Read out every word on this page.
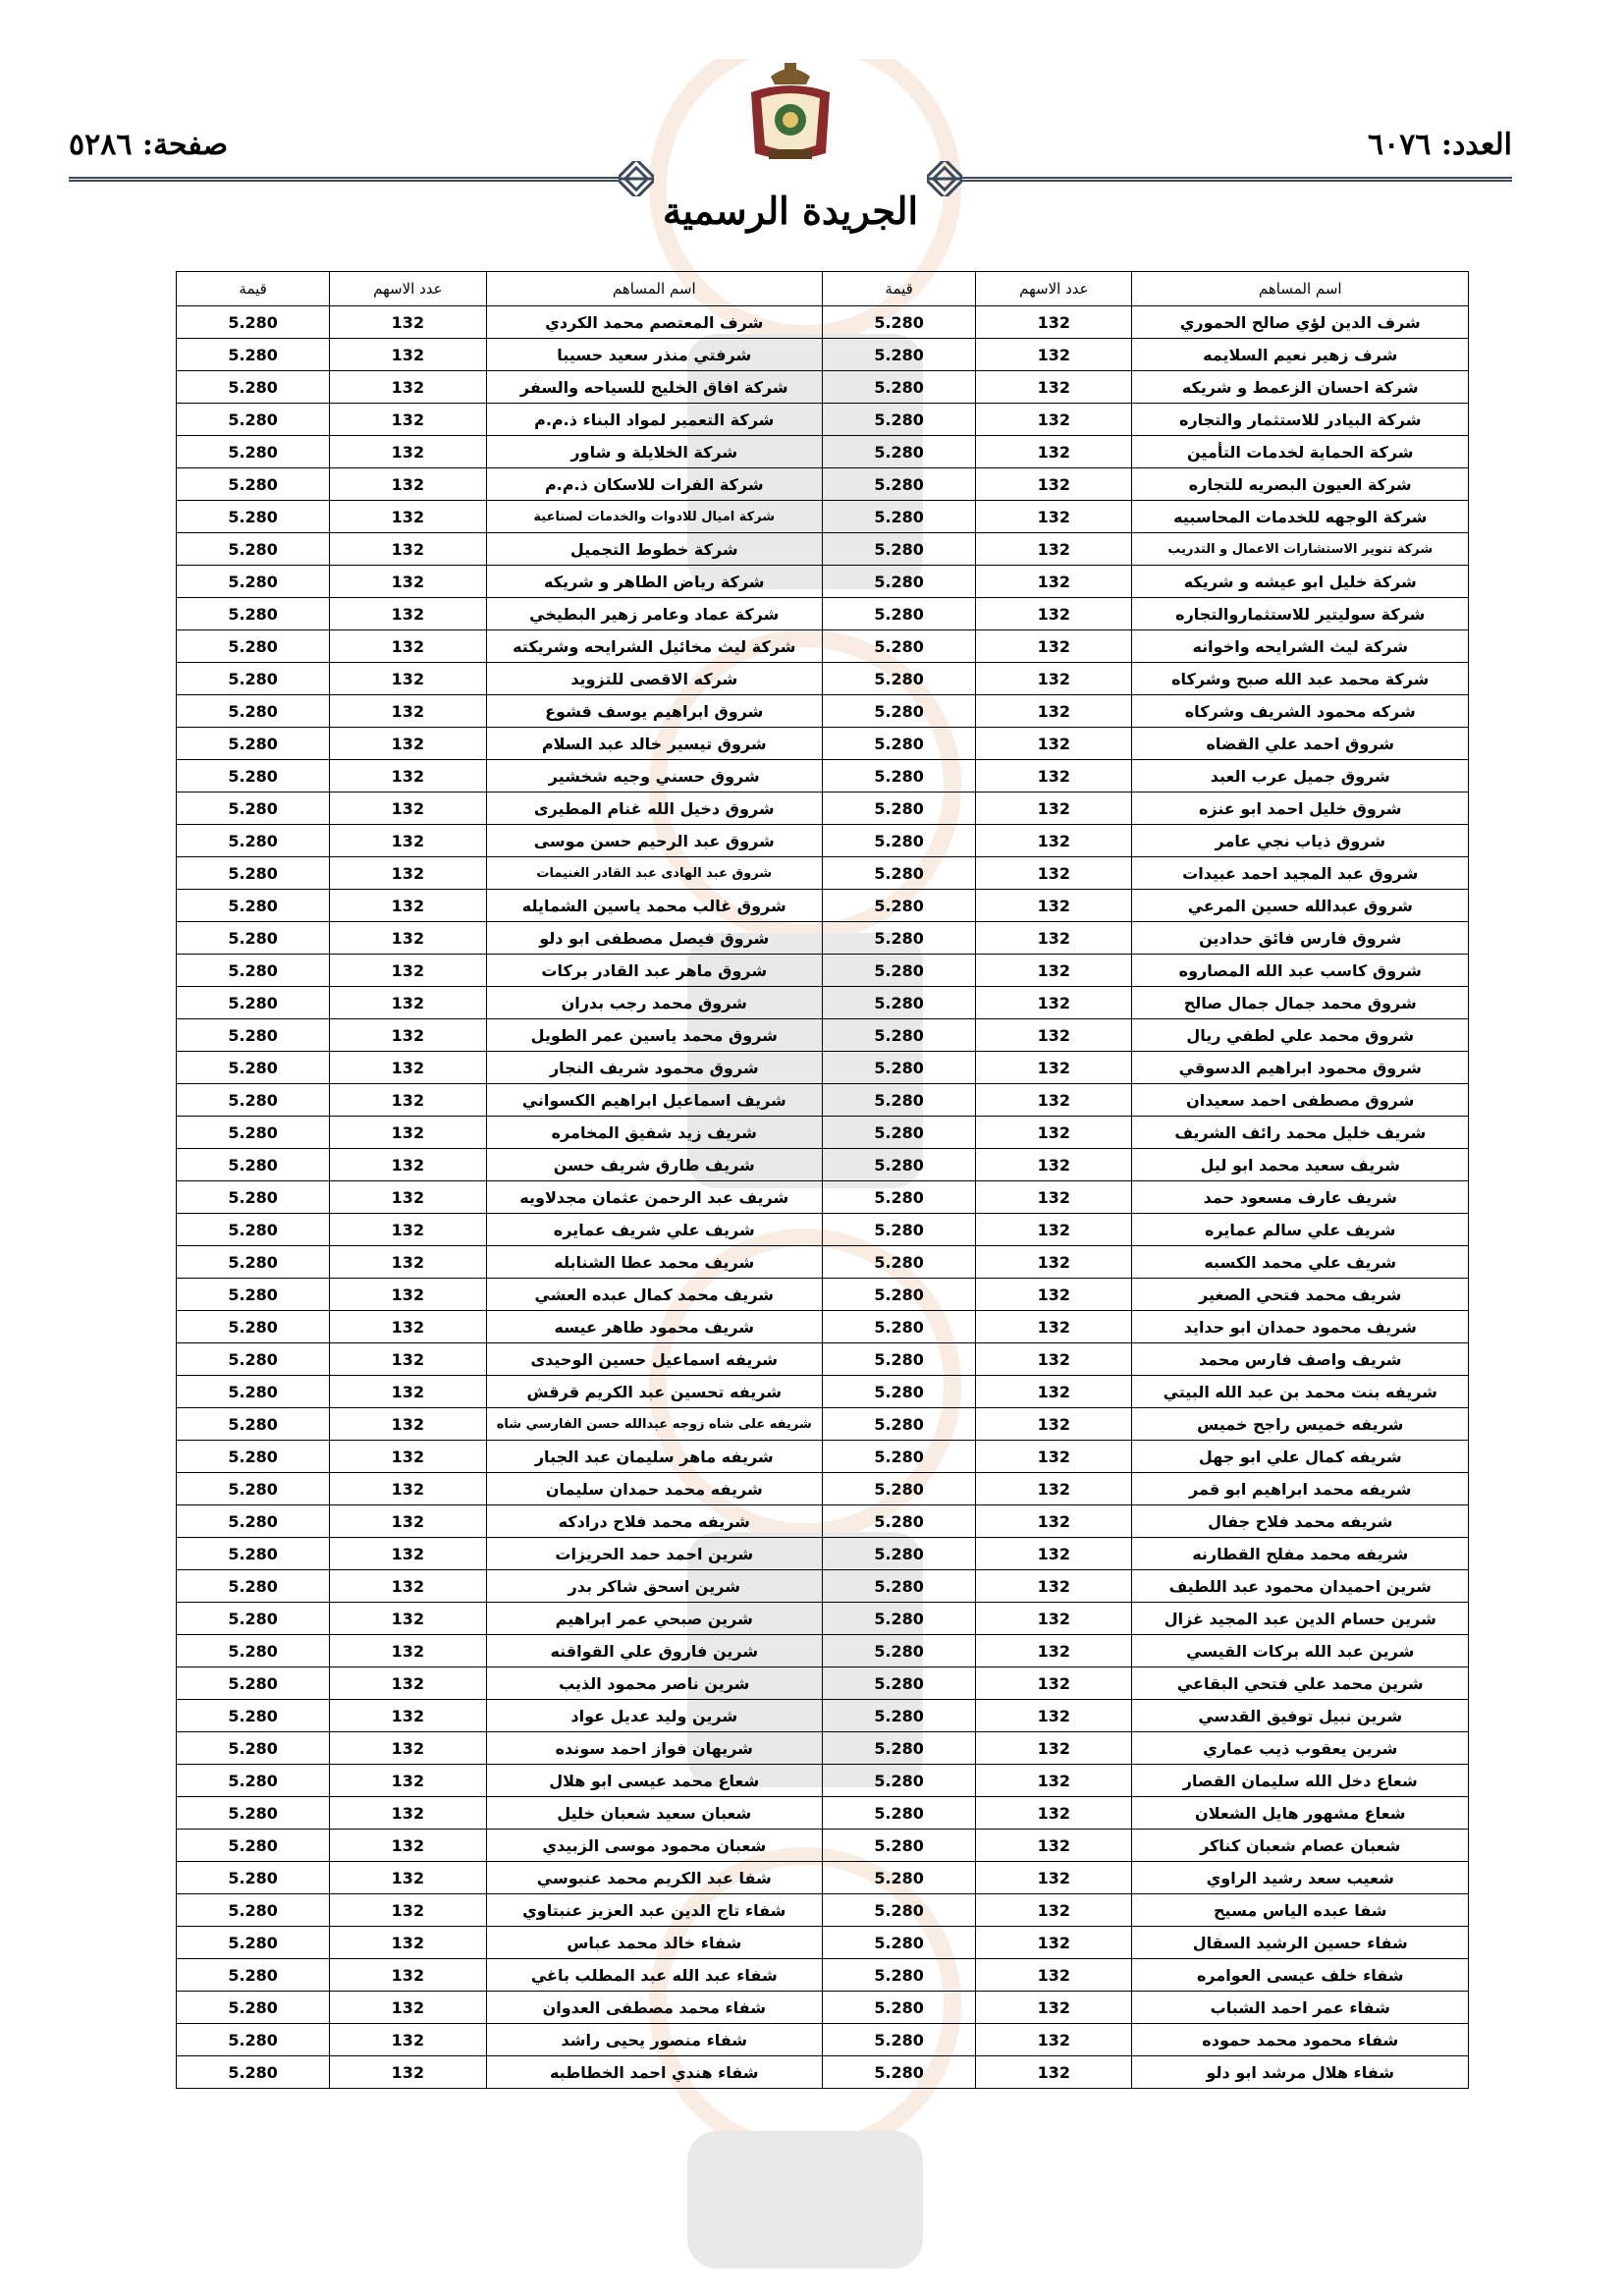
العدد: ٦٠٧٦
صفحة: ٥٢٨٦
الجريدة الرسمية
اسم المساهم	عدد الاسهم	قيمة	اسم المساهم	عدد الاسهم	قيمة
شرف الدين لؤي صالح الحموري	132	5.280	شرف المعتصم محمد الكردي	132	5.280
شرف زهير نعيم السلايمه	132	5.280	شرفتي منذر سعيد حسيبا	132	5.280
شركة احسان الزعمط و شريكه	132	5.280	شركة افاق الخليج للسياحه والسفر	132	5.280
شركة البيادر للاستثمار والتجاره	132	5.280	شركة التعمير لمواد البناء ذ.م.م	132	5.280
شركة الحماية لخدمات التأمين	132	5.280	شركة الخلايلة و شاور	132	5.280
شركة العيون البصريه للتجاره	132	5.280	شركة الفرات للاسكان ذ.م.م	132	5.280
شركة الوجهه للخدمات المحاسبيه	132	5.280	شركة اميال للادوات والخدمات لصناعية	132	5.280
شركة تنوير الاستشارات الاعمال و التدريب	132	5.280	شركة خطوط التجميل	132	5.280
شركة خليل ابو عيشه و شريكه	132	5.280	شركة رياض الطاهر و شريكه	132	5.280
شركة سوليتير للاستثماروالتجاره	132	5.280	شركة عماد وعامر زهير البطيخي	132	5.280
شركة ليث الشرايحه واخوانه	132	5.280	شركة ليث مخائيل الشرايحه وشريكته	132	5.280
شركة محمد عبد الله صبح وشركاه	132	5.280	شركه الاقصى للتزويد	132	5.280
شركه محمود الشريف وشركاه	132	5.280	شروق ابراهيم يوسف قشوع	132	5.280
شروق احمد علي القضاه	132	5.280	شروق تيسير خالد عبد السلام	132	5.280
شروق جميل عرب العبد	132	5.280	شروق حسني وجيه شخشير	132	5.280
شروق خليل احمد ابو عنزه	132	5.280	شروق دخيل الله غنام المطيرى	132	5.280
شروق ذياب نجي عامر	132	5.280	شروق عبد الرحيم حسن موسى	132	5.280
شروق عبد المجيد احمد عبيدات	132	5.280	شروق عبد الهادى عبد القادر الغنيمات	132	5.280
شروق عبدالله حسين المرعي	132	5.280	شروق غالب محمد ياسين الشمايله	132	5.280
شروق فارس فائق حدادين	132	5.280	شروق فيصل مصطفى ابو دلو	132	5.280
شروق كاسب عبد الله المصاروه	132	5.280	شروق ماهر عبد القادر بركات	132	5.280
شروق محمد جمال جمال صالح	132	5.280	شروق محمد رجب بدران	132	5.280
شروق محمد علي لطفي ريال	132	5.280	شروق محمد ياسين عمر الطويل	132	5.280
شروق محمود ابراهيم الدسوقي	132	5.280	شروق محمود شريف النجار	132	5.280
شروق مصطفى احمد سعيدان	132	5.280	شريف اسماعيل ابراهيم الكسواني	132	5.280
شريف خليل محمد رائف الشريف	132	5.280	شريف زيد شفيق المخامره	132	5.280
شريف سعيد محمد ابو ليل	132	5.280	شريف طارق شريف حسن	132	5.280
شريف عارف مسعود حمد	132	5.280	شريف عبد الرحمن عثمان مجدلاويه	132	5.280
شريف علي سالم عمايره	132	5.280	شريف علي شريف عمايره	132	5.280
شريف علي محمد الكسبه	132	5.280	شريف محمد عطا الشنابله	132	5.280
شريف محمد فتحي الصغير	132	5.280	شريف محمد كمال عبده العشي	132	5.280
شريف محمود حمدان ابو حدايد	132	5.280	شريف محمود طاهر عيسه	132	5.280
شريف واصف فارس محمد	132	5.280	شريفه اسماعيل حسين الوحيدى	132	5.280
شريفه بنت محمد بن عبد الله البيتي	132	5.280	شريفه تحسين عبد الكريم قرقش	132	5.280
شريفه خميس راجح خميس	132	5.280	شريفه على شاه زوجه عبدالله حسن الفارسي شاه	132	5.280
شريفه كمال علي ابو جهل	132	5.280	شريفه ماهر سليمان عبد الجبار	132	5.280
شريفه محمد ابراهيم ابو قمر	132	5.280	شريفه محمد حمدان سليمان	132	5.280
شريفه محمد فلاح جفال	132	5.280	شريفه محمد فلاح درادكه	132	5.280
شريفه محمد مفلح القطارنه	132	5.280	شرين احمد حمد الحريزات	132	5.280
شرين احميدان محمود عبد اللطيف	132	5.280	شرين اسحق شاكر بدر	132	5.280
شرين حسام الدين عبد المجيد غزال	132	5.280	شرين صبحي عمر ابراهيم	132	5.280
شرين عبد الله بركات القيسي	132	5.280	شرين فاروق علي القواقنه	132	5.280
شرين محمد علي فتحي البقاعي	132	5.280	شرين ناصر محمود الذيب	132	5.280
شرين نبيل توفيق القدسي	132	5.280	شرين وليد عديل عواد	132	5.280
شرين يعقوب ذيب عماري	132	5.280	شريهان فواز احمد سونده	132	5.280
شعاع دخل الله سليمان القصار	132	5.280	شعاع محمد عيسى ابو هلال	132	5.280
شعاع مشهور هايل الشعلان	132	5.280	شعبان سعيد شعبان خليل	132	5.280
شعبان عصام شعبان كناكر	132	5.280	شعبان محمود موسى الزبيدي	132	5.280
شعيب سعد رشيد الراوي	132	5.280	شفا عبد الكريم محمد عنبوسي	132	5.280
شفا عبده الياس مسيح	132	5.280	شفاء تاج الدين عبد العزيز عنبتاوي	132	5.280
شفاء حسين الرشيد السقال	132	5.280	شفاء خالد محمد عباس	132	5.280
شفاء خلف عيسى العوامره	132	5.280	شفاء عبد الله عبد المطلب باغي	132	5.280
شفاء عمر احمد الشباب	132	5.280	شفاء محمد مصطفى العدوان	132	5.280
شفاء محمود محمد حموده	132	5.280	شفاء منصور يحيى راشد	132	5.280
شفاء هلال مرشد ابو دلو	132	5.280	شفاء هندي احمد الخطاطبه	132	5.280
